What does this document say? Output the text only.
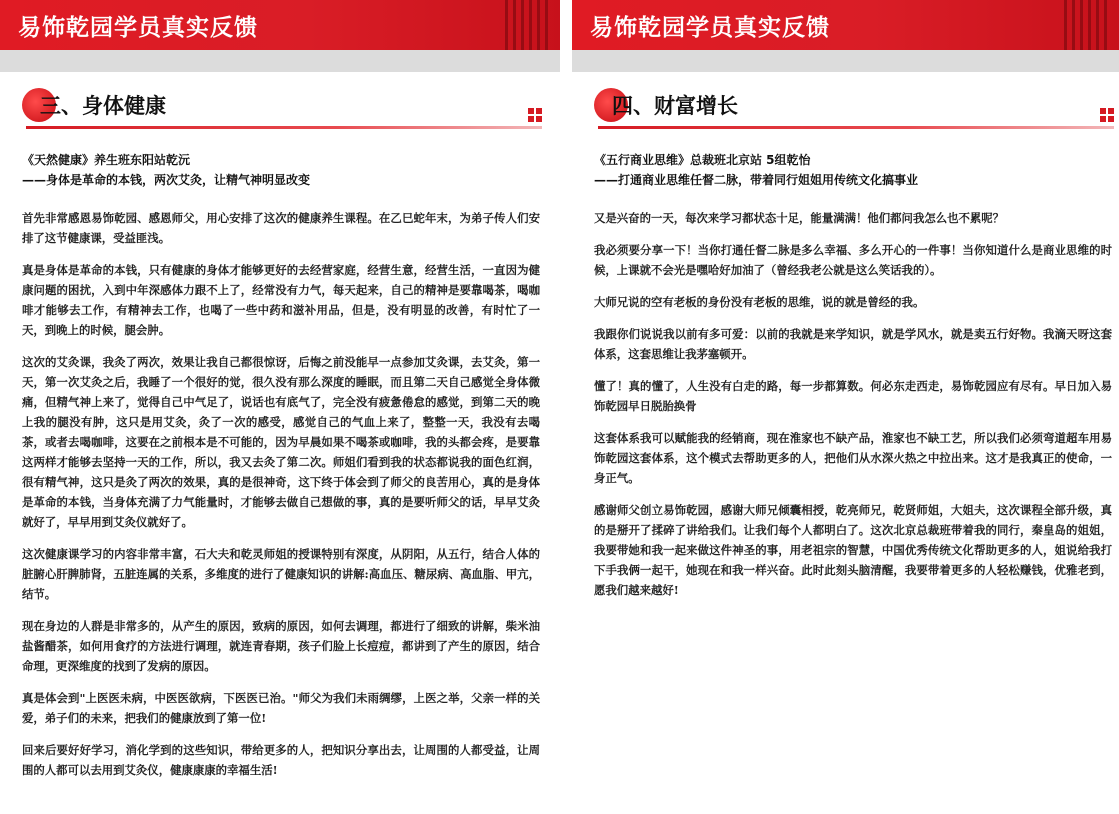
易饰乾园学员真实反馈
三、身体健康

《天然健康》养生班东阳站乾沅

——身体是革命的本钱，两次艾灸，让精气神明显改变

首先非常感恩易饰乾园、感恩师父，用心安排了这次的健康养生课程。在乙巳蛇年末，为弟子传人们安排了这节健康课，受益匪浅。

真是身体是革命的本钱，只有健康的身体才能够更好的去经营家庭，经营生意，经营生活，一直因为健康问题的困扰，入到中年深感体力跟不上了，经常没有力气，每天起来，自己的精神是要靠喝茶，喝咖啡才能够去工作，有精神去工作，也喝了一些中药和滋补用品，但是，没有明显的改善，有时忙了一天，到晚上的时候，腿会肿。

这次的艾灸课，我灸了两次，效果让我自己都很惊讶，后悔之前没能早一点参加艾灸课，去艾灸，第一天，第一次艾灸之后，我睡了一个很好的觉，很久没有那么深度的睡眠，而且第二天自己感觉全身体微痛，但精气神上来了，觉得自己中气足了，说话也有底气了，完全没有疲惫倦怠的感觉，到第二天的晚上我的腿没有肿，这只是用艾灸，灸了一次的感受，感觉自己的气血上来了，整整一天，我没有去喝茶，或者去喝咖啡，这要在之前根本是不可能的，因为早晨如果不喝茶或咖啡，我的头都会疼，是要靠这两样才能够去坚持一天的工作，所以，我又去灸了第二次。师姐们看到我的状态都说我的面色红润，很有精气神，这只是灸了两次的效果，真的是很神奇，这下终于体会到了师父的良苦用心，真的是身体是革命的本钱，当身体充满了力气能量时，才能够去做自己想做的事，真的是要听师父的话，早早艾灸就好了，早早用到艾灸仪就好了。

这次健康课学习的内容非常丰富，石大夫和乾灵师姐的授课特别有深度，从阴阳，从五行，结合人体的脏腑心肝脾肺肾，五脏连属的关系，多维度的进行了健康知识的讲解:高血压、糖尿病、高血脂、甲亢，结节。

现在身边的人群是非常多的，从产生的原因，致病的原因，如何去调理，都进行了细致的讲解，柴米油盐酱醋茶，如何用食疗的方法进行调理，就连青春期，孩子们脸上长痘痘，都讲到了产生的原因，结合命理，更深维度的找到了发病的原因。

真是体会到"上医医未病，中医医欲病，下医医已治。"师父为我们未雨绸缪，上医之举，父亲一样的关爱，弟子们的未来，把我们的健康放到了第一位!

回来后要好好学习，消化学到的这些知识，带给更多的人，把知识分享出去，让周围的人都受益，让周围的人都可以去用到艾灸仪，健康康康的幸福生活!

易饰乾园学员真实反馈
四、财富增长

《五行商业思维》总裁班北京站 5组乾怡

——打通商业思维任督二脉，带着同行姐姐用传统文化搞事业

又是兴奋的一天，每次来学习都状态十足，能量满满！他们都问我怎么也不累呢？

我必须要分享一下！当你打通任督二脉是多么幸福、多么开心的一件事！当你知道什么是商业思维的时候，上课就不会光是嘿哈好加油了（曾经我老公就是这么笑话我的）。

大师兄说的空有老板的身份没有老板的思维，说的就是曾经的我。

我跟你们说说我以前有多可爱：以前的我就是来学知识，就是学风水，就是卖五行好物。我滴天呀这套体系，这套思维让我茅塞顿开。

懂了！真的懂了，人生没有白走的路，每一步都算数。何必东走西走，易饰乾园应有尽有。早日加入易饰乾园早日脱胎换骨

这套体系我可以赋能我的经销商，现在淮家也不缺产品，淮家也不缺工艺，所以我们必须弯道超车用易饰乾园这套体系，这个模式去帮助更多的人，把他们从水深火热之中拉出来。这才是我真正的使命，一身正气。

感谢师父创立易饰乾园，感谢大师兄倾囊相授，乾亮师兄，乾贤师姐，大姐夫，这次课程全部升级，真的是掰开了揉碎了讲给我们。让我们每个人都明白了。这次北京总裁班带着我的同行，秦皇岛的姐姐，我要带她和我一起来做这件神圣的事，用老祖宗的智慧，中国优秀传统文化帮助更多的人，姐说给我打下手我俩一起干，她现在和我一样兴奋。此时此刻头脑清醒，我要带着更多的人轻松赚钱，优雅老到，愿我们越来越好!
